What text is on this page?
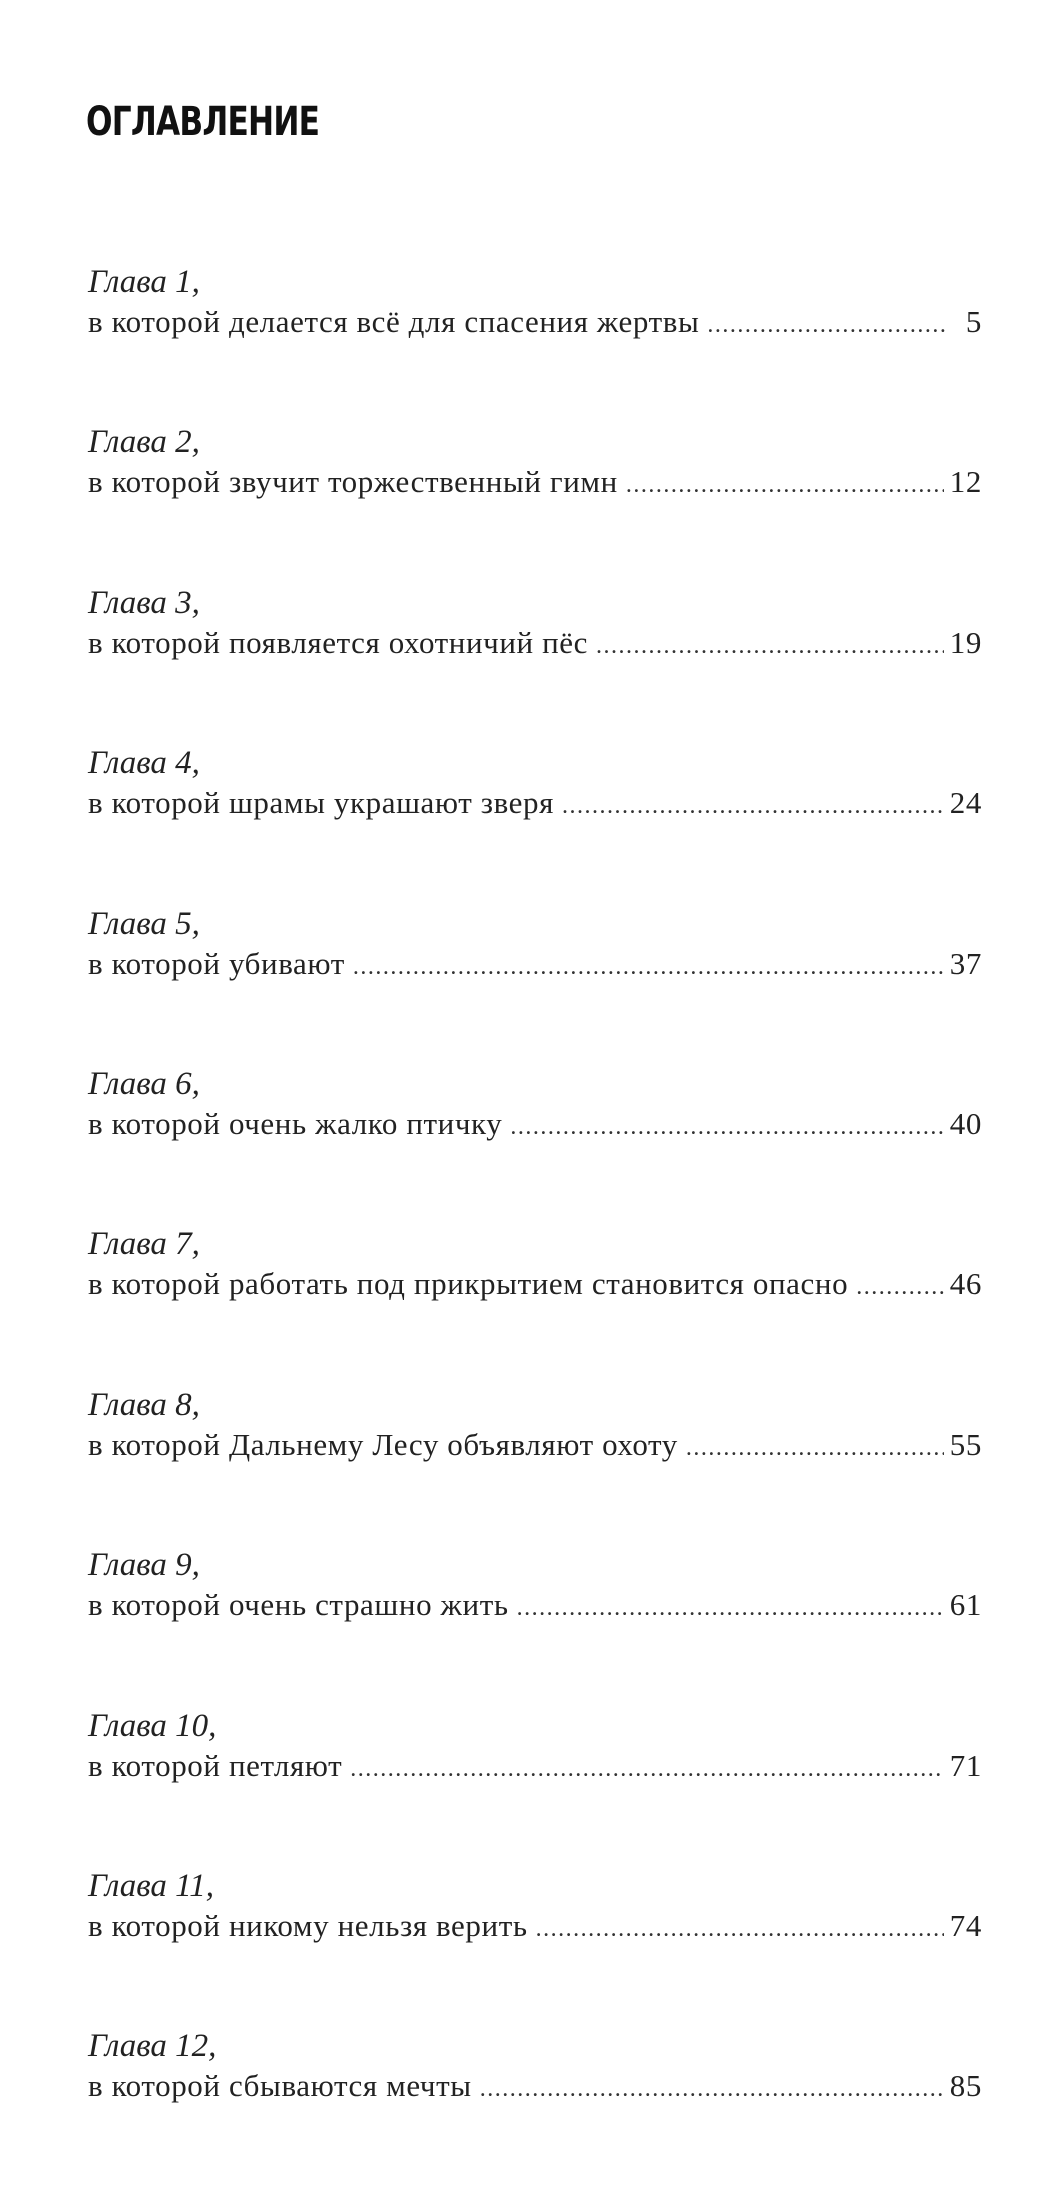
ОГЛАВЛЕНИЕ
Глава 1,
в которой делается всё для спасения жертвы .....	5
Глава 2,
в которой звучит торжественный гимн .....	12
Глава 3,
в которой появляется охотничий пёс .....	19
Глава 4,
в которой шрамы украшают зверя .....	24
Глава 5,
в которой убивают .....	37
Глава 6,
в которой очень жалко птичку .....	40
Глава 7,
в которой работать под прикрытием становится опасно .....	46
Глава 8,
в которой Дальнему Лесу объявляют охоту .....	55
Глава 9,
в которой очень страшно жить .....	61
Глава 10,
в которой петляют .....	71
Глава 11,
в которой никому нельзя верить .....	74
Глава 12,
в которой сбываются мечты .....	85
